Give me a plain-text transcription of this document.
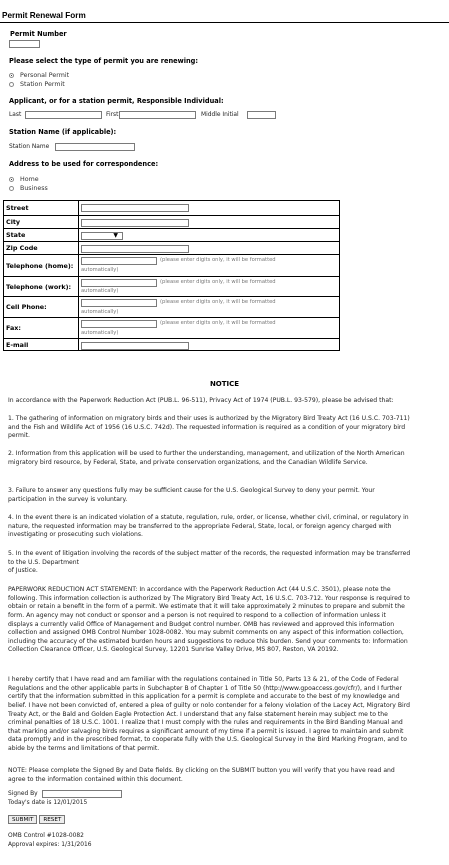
Permit Renewal Form
Permit Number
Please select the type of permit you are renewing:
Personal Permit
Station Permit
Applicant, or for a station permit, Responsible Individual:
Last	First	Middle Initial
Station Name (if applicable):
Station Name
Address to be used for correspondence:
Home
Business
Street
City
State	▼
Zip Code
Telephone (home):
(please enter digits only, it will be formatted
automatically)
Telephone (work):
(please enter digits only, it will be formatted
automatically)
Cell Phone:
(please enter digits only, it will be formatted
automatically)
Fax:
(please enter digits only, it will be formatted
automatically)
E-mail
NOTICE
In accordance with the Paperwork Reduction Act (PUB.L. 96-511), Privacy Act of 1974 (PUB.L. 93-579), please be advised that:
1. The gathering of information on migratory birds and their uses is authorized by the Migratory Bird Treaty Act (16 U.S.C. 703-711) and the Fish and Wildlife Act of 1956 (16 U.S.C. 742d). The requested information is required as a condition of your migratory bird permit.
2. Information from this application will be used to further the understanding, management, and utilization of the North American migratory bird resource, by Federal, State, and private conservation organizations, and the Canadian Wildlife Service.
3. Failure to answer any questions fully may be sufficient cause for the U.S. Geological Survey to deny your permit. Your participation in the survey is voluntary.
4. In the event there is an indicated violation of a statute, regulation, rule, order, or license, whether civil, criminal, or regulatory in nature, the requested information may be transferred to the appropriate Federal, State, local, or foreign agency charged with investigating or prosecuting such violations.
5. In the event of litigation involving the records of the subject matter of the records, the requested information may be transferred to the U.S. Department
of Justice.
PAPERWORK REDUCTION ACT STATEMENT: In accordance with the Paperwork Reduction Act (44 U.S.C. 3501), please note the following. This information collection is authorized by The Migratory Bird Treaty Act, 16 U.S.C. 703-712. Your response is required to obtain or retain a benefit in the form of a permit. We estimate that it will take approximately 2 minutes to prepare and submit the form. An agency may not conduct or sponsor and a person is not required to respond to a collection of information unless it displays a currently valid Office of Management and Budget control number. OMB has reviewed and approved this information collection and assigned OMB Control Number 1028-0082. You may submit comments on any aspect of this information collection, including the accuracy of the estimated burden hours and suggestions to reduce this burden. Send your comments to: Information Collection Clearance Officer, U.S. Geological Survey, 12201 Sunrise Valley Drive, MS 807, Reston, VA 20192.
I hereby certify that I have read and am familiar with the regulations contained in Title 50, Parts 13 & 21, of the Code of Federal Regulations and the other applicable parts in Subchapter B of Chapter 1 of Title 50 (http://www.gpoaccess.gov/cfr/), and I further certify that the information submitted in this application for a permit is complete and accurate to the best of my knowledge and belief. I have not been convicted of, entered a plea of guilty or nolo contender for a felony violation of the Lacey Act, Migratory Bird Treaty Act, or the Bald and Golden Eagle Protection Act. I understand that any false statement herein may subject me to the criminal penalties of 18 U.S.C. 1001. I realize that I must comply with the rules and requirements in the Bird Banding Manual and that marking and/or salvaging birds requires a significant amount of my time if a permit is issued. I agree to maintain and submit data promptly and in the prescribed format, to cooperate fully with the U.S. Geological Survey in the Bird Marking Program, and to abide by the terms and limitations of that permit.
NOTE: Please complete the Signed By and Date fields. By clicking on the SUBMIT button you will verify that you have read and agree to the information contained within this document.
Signed By
Today's date is 12/01/2015
SUBMIT	RESET
OMB Control #1028-0082
Approval expires: 1/31/2016
